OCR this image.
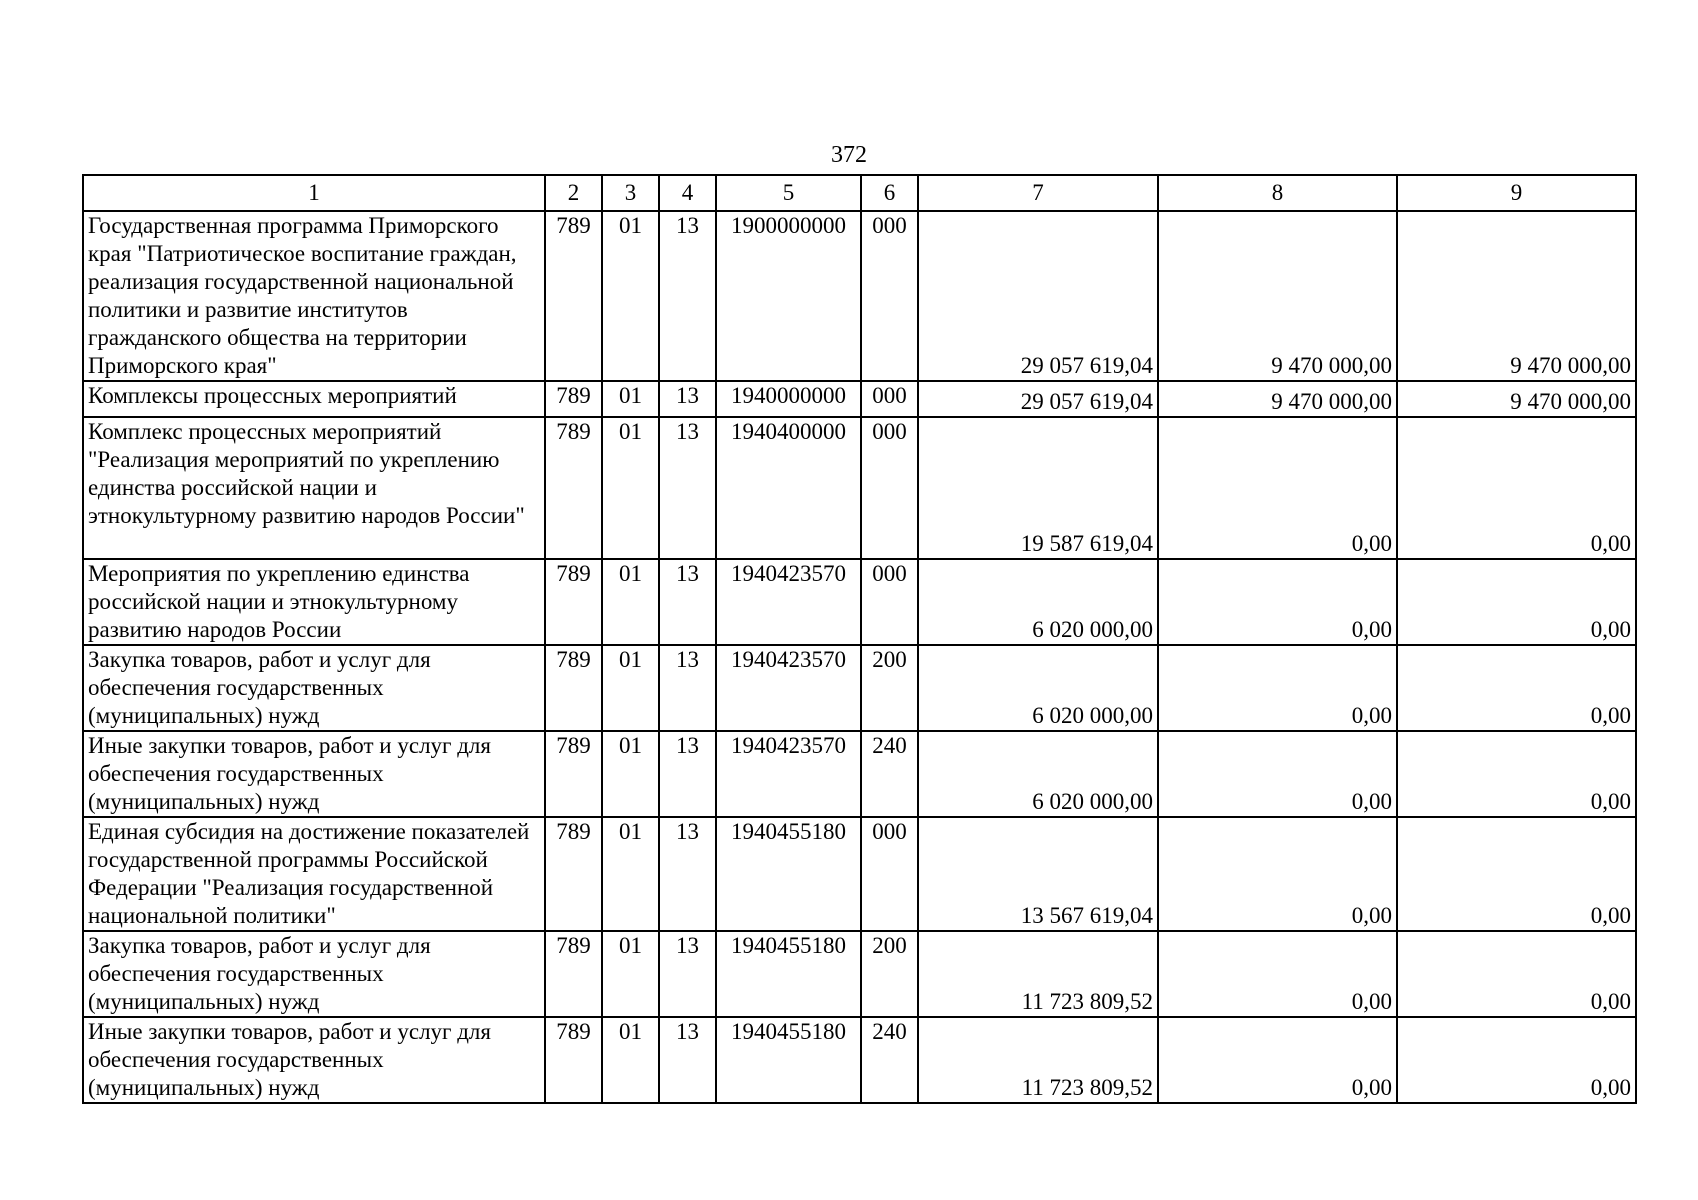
372
1	2	3	4	5	6	7	8	9
Государственная программа Приморского края "Патриотическое воспитание граждан, реализация государственной национальной политики и развитие институтов гражданского общества на территории Приморского края"	789	01	13	1900000000	000	29 057 619,04	9 470 000,00	9 470 000,00
Комплексы процессных мероприятий	789	01	13	1940000000	000	29 057 619,04	9 470 000,00	9 470 000,00
Комплекс процессных мероприятий "Реализация мероприятий по укреплению единства российской нации и этнокультурному развитию народов России"	789	01	13	1940400000	000	19 587 619,04	0,00	0,00
Мероприятия по укреплению единства российской нации и этнокультурному развитию народов России	789	01	13	1940423570	000	6 020 000,00	0,00	0,00
Закупка товаров, работ и услуг для обеспечения государственных (муниципальных) нужд	789	01	13	1940423570	200	6 020 000,00	0,00	0,00
Иные закупки товаров, работ и услуг для обеспечения государственных (муниципальных) нужд	789	01	13	1940423570	240	6 020 000,00	0,00	0,00
Единая субсидия на достижение показателей государственной программы Российской Федерации "Реализация государственной национальной политики"	789	01	13	1940455180	000	13 567 619,04	0,00	0,00
Закупка товаров, работ и услуг для обеспечения государственных (муниципальных) нужд	789	01	13	1940455180	200	11 723 809,52	0,00	0,00
Иные закупки товаров, работ и услуг для обеспечения государственных (муниципальных) нужд	789	01	13	1940455180	240	11 723 809,52	0,00	0,00
